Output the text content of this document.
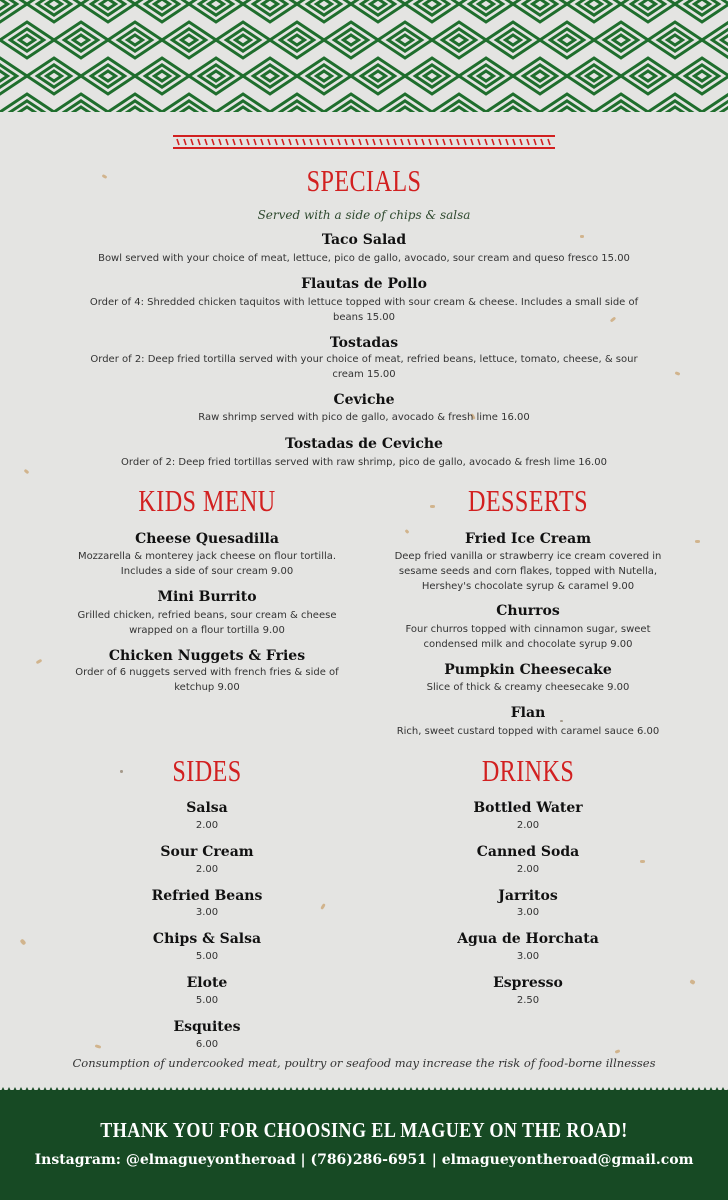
SPECIALS
Served with a side of chips & salsa
Taco Salad
Bowl served with your choice of meat, lettuce, pico de gallo, avocado, sour cream and queso fresco 15.00
Flautas de Pollo
Order of 4: Shredded chicken taquitos with lettuce topped with sour cream & cheese. Includes a small side of beans 15.00
Tostadas
Order of 2: Deep fried tortilla served with your choice of meat, refried beans, lettuce, tomato, cheese, & sour cream 15.00
Ceviche
Raw shrimp served with pico de gallo, avocado & fresh lime 16.00
Tostadas de Ceviche
Order of 2: Deep fried tortillas served with raw shrimp, pico de gallo, avocado & fresh lime 16.00
KIDS MENU
Cheese Quesadilla
Mozzarella & monterey jack cheese on flour tortilla. Includes a side of sour cream 9.00
Mini Burrito
Grilled chicken, refried beans, sour cream & cheese wrapped on a flour tortilla 9.00
Chicken Nuggets & Fries
Order of 6 nuggets served with french fries & side of ketchup 9.00
DESSERTS
Fried Ice Cream
Deep fried vanilla or strawberry ice cream covered in sesame seeds and corn flakes, topped with Nutella, Hershey's chocolate syrup & caramel 9.00
Churros
Four churros topped with cinnamon sugar, sweet condensed milk and chocolate syrup 9.00
Pumpkin Cheesecake
Slice of thick & creamy cheesecake 9.00
Flan
Rich, sweet custard topped with caramel sauce 6.00
SIDES
Salsa
2.00
Sour Cream
2.00
Refried Beans
3.00
Chips & Salsa
5.00
Elote
5.00
Esquites
6.00
DRINKS
Bottled Water
2.00
Canned Soda
2.00
Jarritos
3.00
Agua de Horchata
3.00
Espresso
2.50
Consumption of undercooked meat, poultry or seafood may increase the risk of food-borne illnesses
THANK YOU FOR CHOOSING EL MAGUEY ON THE ROAD!
Instagram: @elmagueyontheroad | (786)286-6951 | elmagueyontheroad@gmail.com
